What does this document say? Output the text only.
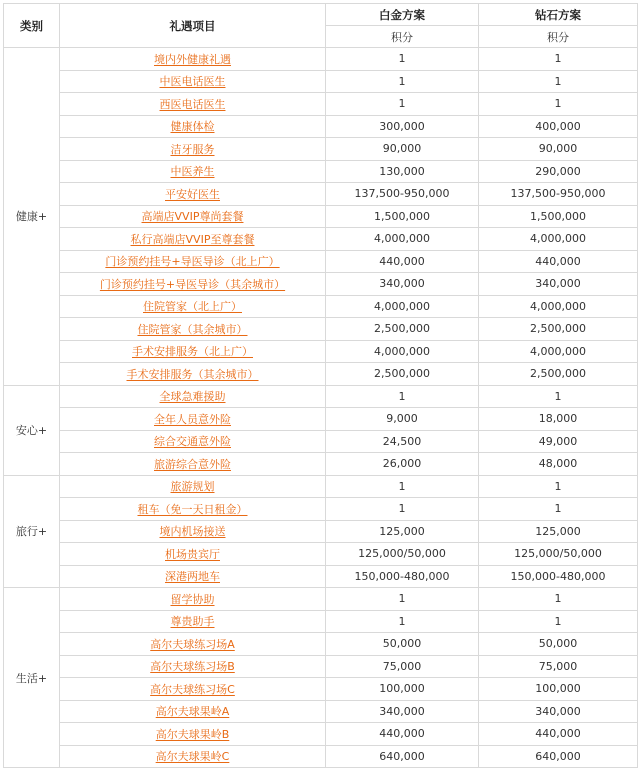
类别	礼遇项目	白金方案	钻石方案
		积分	积分
健康+	境内外健康礼遇	1	1
	中医电话医生	1	1
	西医电话医生	1	1
	健康体检	300,000	400,000
	洁牙服务	90,000	90,000
	中医养生	130,000	290,000
	平安好医生	137,500-950,000	137,500-950,000
	高端店VVIP尊尚套餐	1,500,000	1,500,000
	私行高端店VVIP至尊套餐	4,000,000	4,000,000
	门诊预约挂号+导医导诊（北上广）	440,000	440,000
	门诊预约挂号+导医导诊（其余城市）	340,000	340,000
	住院管家（北上广）	4,000,000	4,000,000
	住院管家（其余城市）	2,500,000	2,500,000
	手术安排服务（北上广）	4,000,000	4,000,000
	手术安排服务（其余城市）	2,500,000	2,500,000
安心+	全球急难援助	1	1
	全年人员意外险	9,000	18,000
	综合交通意外险	24,500	49,000
	旅游综合意外险	26,000	48,000
旅行+	旅游规划	1	1
	租车（免一天日租金）	1	1
	境内机场接送	125,000	125,000
	机场贵宾厅	125,000/50,000	125,000/50,000
	深港两地车	150,000-480,000	150,000-480,000
生活+	留学协助	1	1
	尊贵助手	1	1
	高尔夫球练习场A	50,000	50,000
	高尔夫球练习场B	75,000	75,000
	高尔夫球练习场C	100,000	100,000
	高尔夫球果岭A	340,000	340,000
	高尔夫球果岭B	440,000	440,000
	高尔夫球果岭C	640,000	640,000
